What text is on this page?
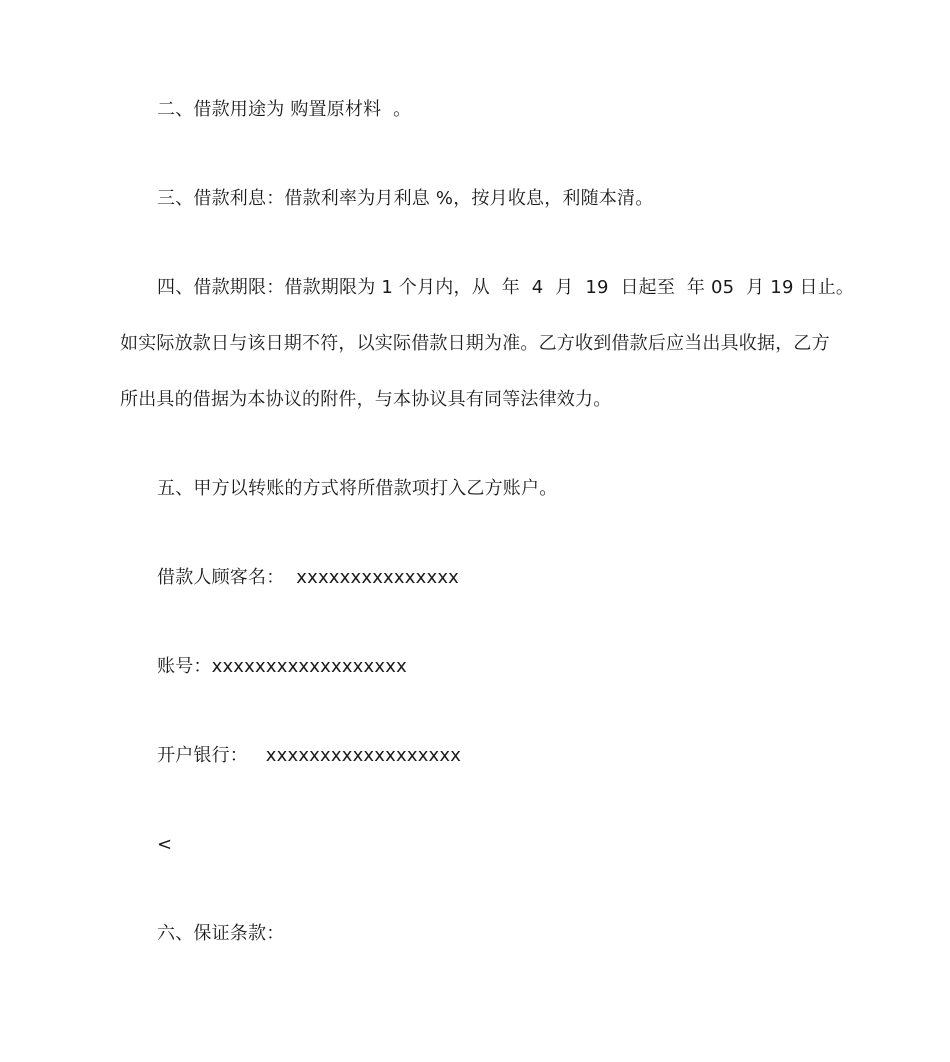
二、借款用途为 购置原材料  。
三、借款利息：借款利率为月利息 %，按月收息，利随本清。
四、借款期限：借款期限为 1 个月内，从  年  4  月  19  日起至  年 05  月 19 日止。
如实际放款日与该日期不符，以实际借款日期为准。乙方收到借款后应当出具收据，乙方
所出具的借据为本协议的附件，与本协议具有同等法律效力。
五、甲方以转账的方式将所借款项打入乙方账户。
借款人顾客名：  xxxxxxxxxxxxxxx
账号：xxxxxxxxxxxxxxxxxx
开户银行：   xxxxxxxxxxxxxxxxxx
<
六、保证条款：
